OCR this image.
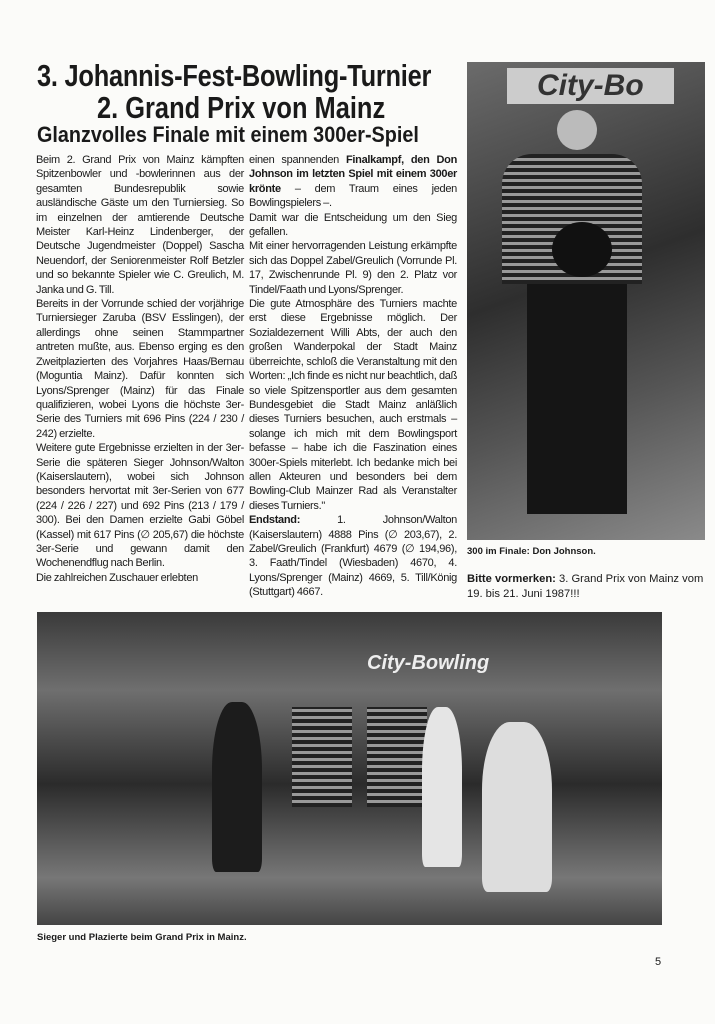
3. Johannis-Fest-Bowling-Turnier
2. Grand Prix von Mainz
Glanzvolles Finale mit einem 300er-Spiel

Beim 2. Grand Prix von Mainz kämpften Spitzenbowler und -bowlerinnen aus der gesamten Bundesrepublik sowie ausländische Gäste um den Turniersieg. So im einzelnen der amtierende Deutsche Meister Karl-Heinz Lindenberger, der Deutsche Jugendmeister (Doppel) Sascha Neuendorf, der Seniorenmeister Rolf Betzler und so bekannte Spieler wie C. Greulich, M. Janka und G. Till.

Bereits in der Vorrunde schied der vorjährige Turniersieger Zaruba (BSV Esslingen), der allerdings ohne seinen Stammpartner antreten mußte, aus. Ebenso erging es den Zweitplazierten des Vorjahres Haas/Bernau (Moguntia Mainz). Dafür konnten sich Lyons/Sprenger (Mainz) für das Finale qualifizieren, wobei Lyons die höchste 3er-Serie des Turniers mit 696 Pins (224 / 230 / 242) erzielte.

Weitere gute Ergebnisse erzielten in der 3er-Serie die späteren Sieger Johnson/Walton (Kaiserslautern), wobei sich Johnson besonders hervortat mit 3er-Serien von 677 (224 / 226 / 227) und 692 Pins (213 / 179 / 300). Bei den Damen erzielte Gabi Göbel (Kassel) mit 617 Pins (∅ 205,67) die höchste 3er-Serie und gewann damit den Wochenendflug nach Berlin.

Die zahlreichen Zuschauer erlebten

einen spannenden Finalkampf, den Don Johnson im letzten Spiel mit einem 300er krönte – dem Traum eines jeden Bowlingspielers –.

Damit war die Entscheidung um den Sieg gefallen.

Mit einer hervorragenden Leistung erkämpfte sich das Doppel Zabel/Greulich (Vorrunde Pl. 17, Zwischenrunde Pl. 9) den 2. Platz vor Tindel/Faath und Lyons/Sprenger.

Die gute Atmosphäre des Turniers machte erst diese Ergebnisse möglich. Der Sozialdezernent Willi Abts, der auch den großen Wanderpokal der Stadt Mainz überreichte, schloß die Veranstaltung mit den Worten: „Ich finde es nicht nur beachtlich, daß so viele Spitzensportler aus dem gesamten Bundesgebiet die Stadt Mainz anläßlich dieses Turniers besuchen, auch erstmals – solange ich mich mit dem Bowlingsport befasse – habe ich die Faszination eines 300er-Spiels miterlebt. Ich bedanke mich bei allen Akteuren und besonders bei dem Bowling-Club Mainzer Rad als Veranstalter dieses Turniers."

Endstand: 1. Johnson/Walton (Kaiserslautern) 4888 Pins (∅ 203,67), 2. Zabel/Greulich (Frankfurt) 4679 (∅ 194,96), 3. Faath/Tindel (Wiesbaden) 4670, 4. Lyons/Sprenger (Mainz) 4669, 5. Till/König (Stuttgart) 4667.

City-Bo
300 im Finale: Don Johnson.
Bitte vormerken: 3. Grand Prix von Mainz vom 19. bis 21. Juni 1987!!!
City-Bowling
Sieger und Plazierte beim Grand Prix in Mainz.
5
